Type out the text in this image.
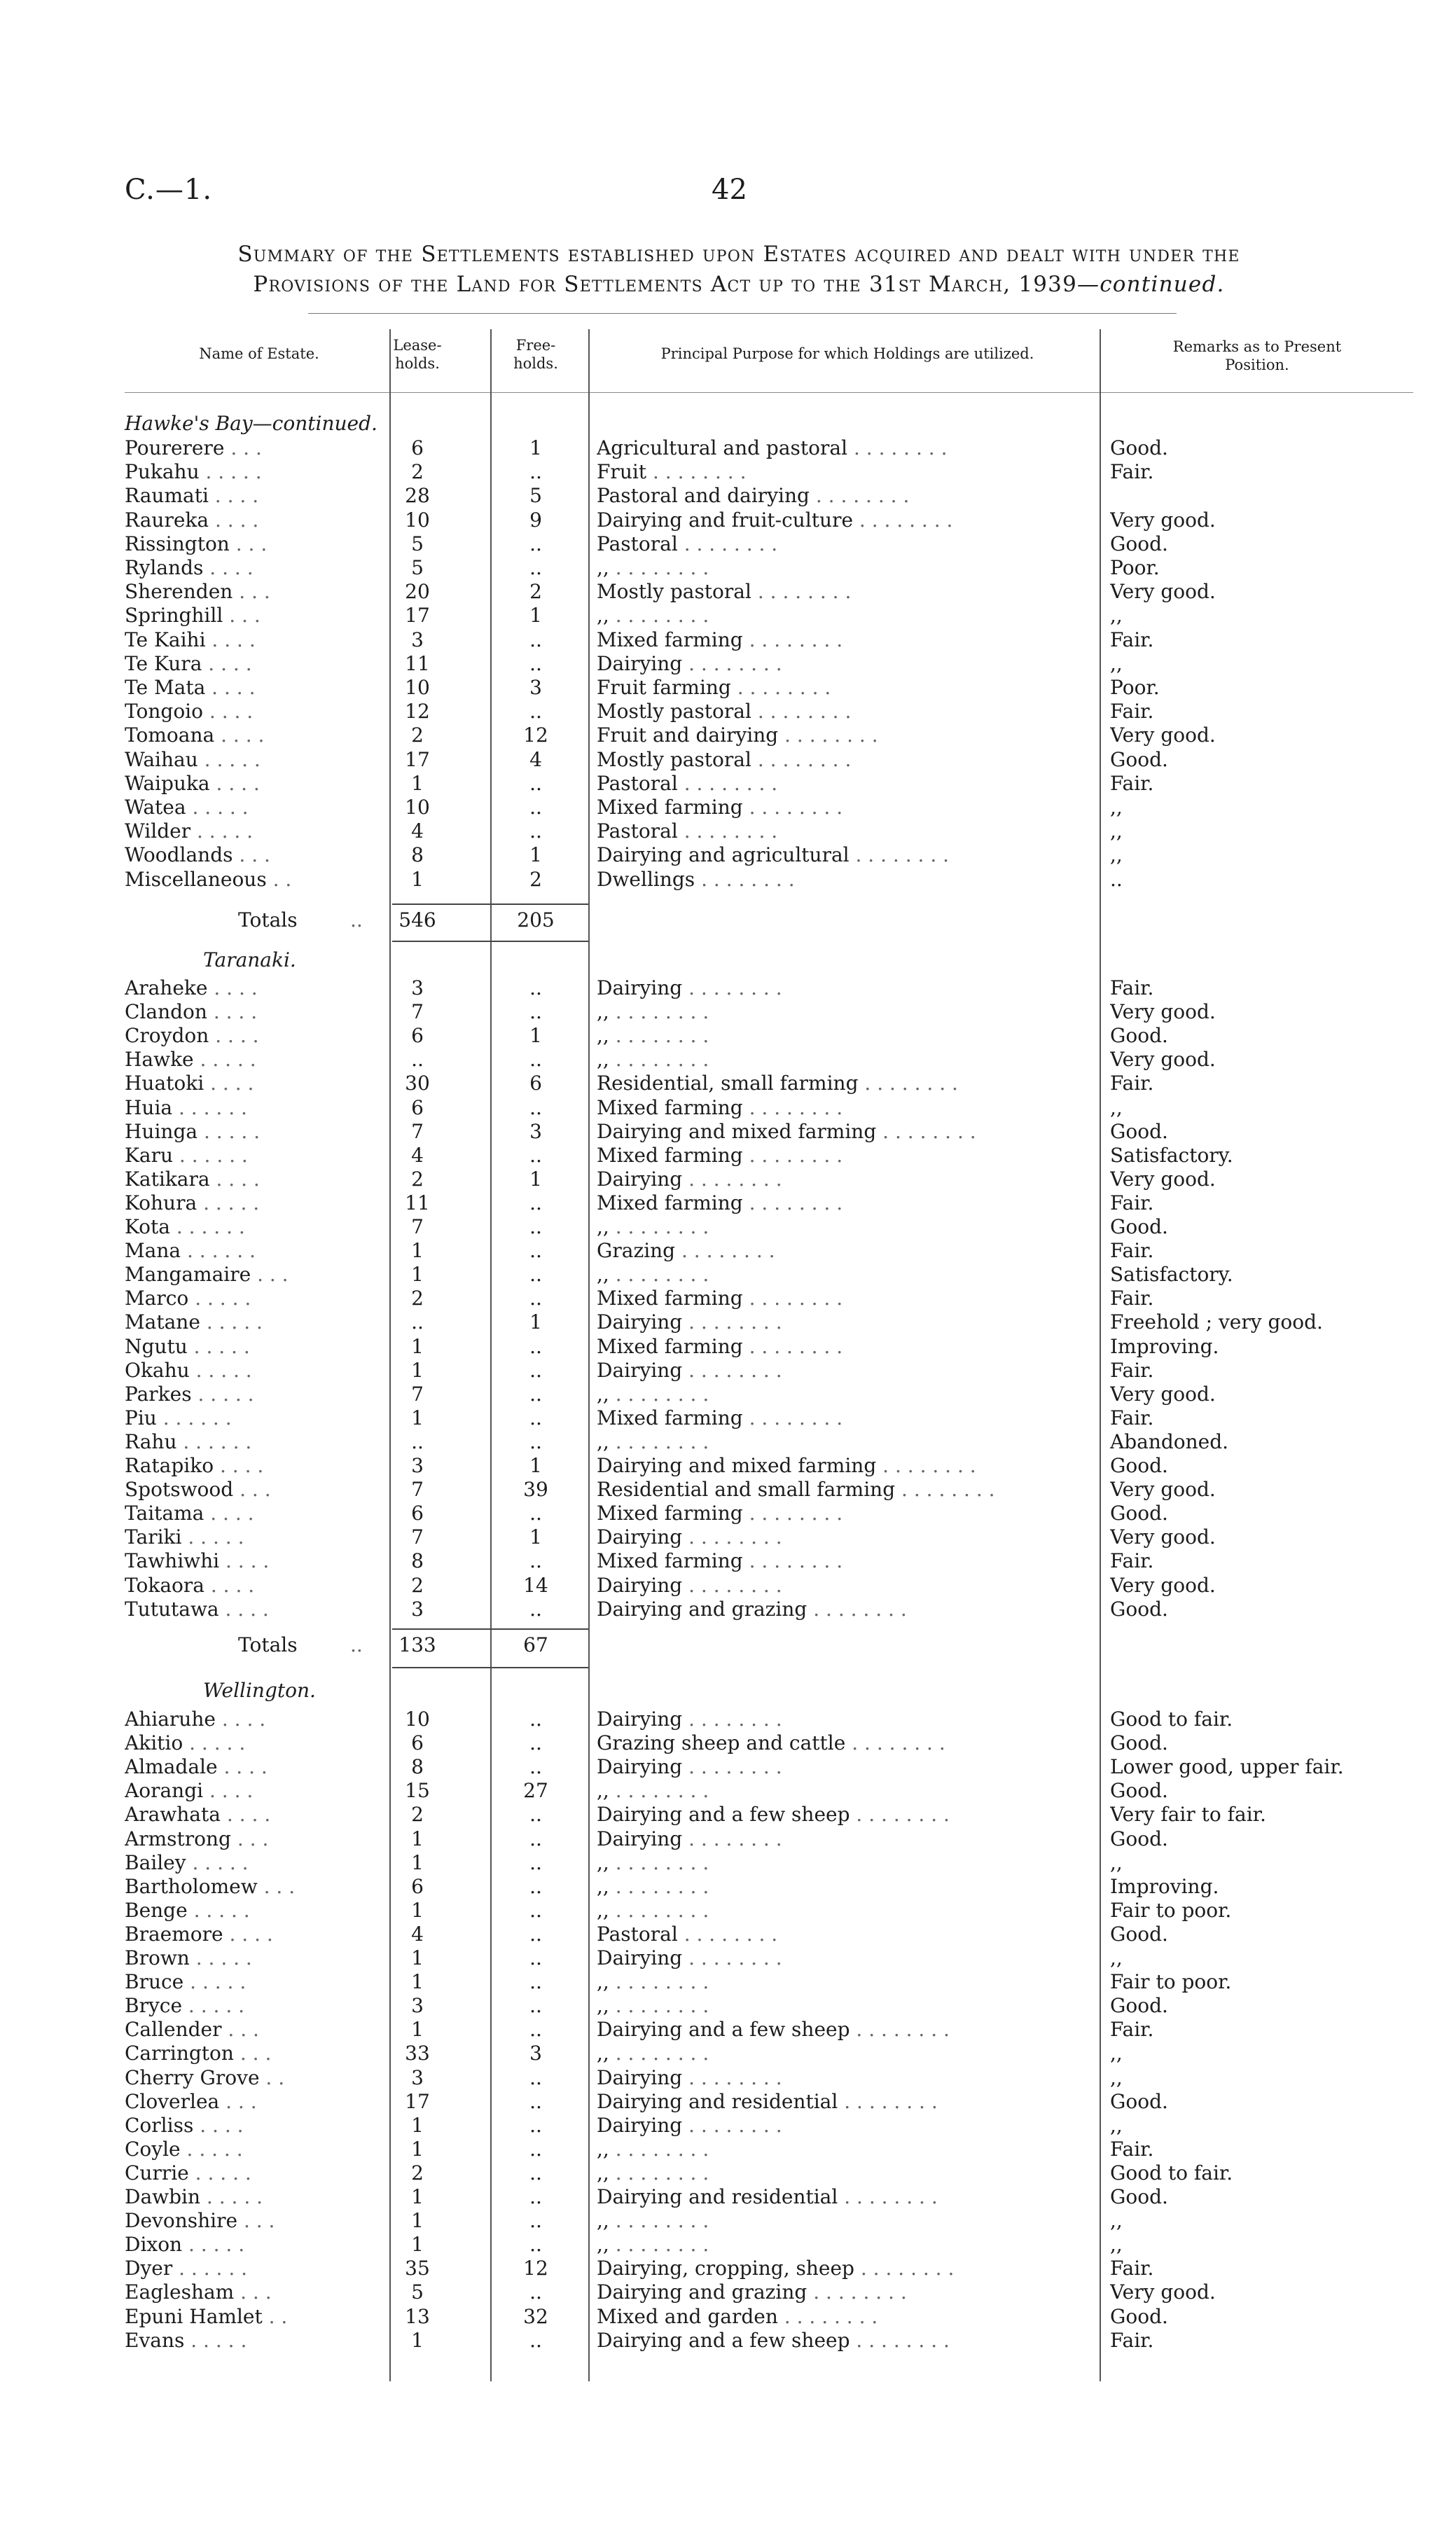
C.—1.	42
Summary of the Settlements established upon Estates acquired and dealt with under the
Provisions of the Land for Settlements Act up to the 31st March, 1939—continued.
Name of Estate.	Lease-
holds.
Free-
holds.
Principal Purpose for which Holdings are utilized.	Remarks as to Present
Position.
Hawke's Bay—continued.
Pourerere . . .	6	1	Agricultural and pastoral . . . . . . . .	Good.
Pukahu . . . . .	2	..	Fruit . . . . . . . .	Fair.
Raumati . . . .	28	5	Pastoral and dairying . . . . . . . .
Raureka . . . .	10	9	Dairying and fruit-culture . . . . . . . .	Very good.
Rissington . . .	5	..	Pastoral . . . . . . . .	Good.
Rylands . . . .	5	..	,, . . . . . . . .	Poor.
Sherenden . . .	20	2	Mostly pastoral . . . . . . . .	Very good.
Springhill . . .	17	1	,, . . . . . . . .	,,
Te Kaihi . . . .	3	..	Mixed farming . . . . . . . .	Fair.
Te Kura . . . .	11	..	Dairying . . . . . . . .	,,
Te Mata . . . .	10	3	Fruit farming . . . . . . . .	Poor.
Tongoio . . . .	12	..	Mostly pastoral . . . . . . . .	Fair.
Tomoana . . . .	2	12	Fruit and dairying . . . . . . . .	Very good.
Waihau . . . . .	17	4	Mostly pastoral . . . . . . . .	Good.
Waipuka . . . .	1	..	Pastoral . . . . . . . .	Fair.
Watea . . . . .	10	..	Mixed farming . . . . . . . .	,,
Wilder . . . . .	4	..	Pastoral . . . . . . . .	,,
Woodlands . . .	8	1	Dairying and agricultural . . . . . . . .	,,
Miscellaneous . .	1	2	Dwellings . . . . . . . .	..
Totals	..	546	205
Taranaki.
Araheke . . . .	3	..	Dairying . . . . . . . .	Fair.
Clandon . . . .	7	..	,, . . . . . . . .	Very good.
Croydon . . . .	6	1	,, . . . . . . . .	Good.
Hawke . . . . .	..	..	,, . . . . . . . .	Very good.
Huatoki . . . .	30	6	Residential, small farming . . . . . . . .	Fair.
Huia . . . . . .	6	..	Mixed farming . . . . . . . .	,,
Huinga . . . . .	7	3	Dairying and mixed farming . . . . . . . .	Good.
Karu . . . . . .	4	..	Mixed farming . . . . . . . .	Satisfactory.
Katikara . . . .	2	1	Dairying . . . . . . . .	Very good.
Kohura . . . . .	11	..	Mixed farming . . . . . . . .	Fair.
Kota . . . . . .	7	..	,, . . . . . . . .	Good.
Mana . . . . . .	1	..	Grazing . . . . . . . .	Fair.
Mangamaire . . .	1	..	,, . . . . . . . .	Satisfactory.
Marco . . . . .	2	..	Mixed farming . . . . . . . .	Fair.
Matane . . . . .	..	1	Dairying . . . . . . . .	Freehold ; very good.
Ngutu . . . . .	1	..	Mixed farming . . . . . . . .	Improving.
Okahu . . . . .	1	..	Dairying . . . . . . . .	Fair.
Parkes . . . . .	7	..	,, . . . . . . . .	Very good.
Piu . . . . . .	1	..	Mixed farming . . . . . . . .	Fair.
Rahu . . . . . .	..	..	,, . . . . . . . .	Abandoned.
Ratapiko . . . .	3	1	Dairying and mixed farming . . . . . . . .	Good.
Spotswood . . .	7	39	Residential and small farming . . . . . . . .	Very good.
Taitama . . . .	6	..	Mixed farming . . . . . . . .	Good.
Tariki . . . . .	7	1	Dairying . . . . . . . .	Very good.
Tawhiwhi . . . .	8	..	Mixed farming . . . . . . . .	Fair.
Tokaora . . . .	2	14	Dairying . . . . . . . .	Very good.
Tututawa . . . .	3	..	Dairying and grazing . . . . . . . .	Good.
Totals	..	133	67
Wellington.
Ahiaruhe . . . .	10	..	Dairying . . . . . . . .	Good to fair.
Akitio . . . . .	6	..	Grazing sheep and cattle . . . . . . . .	Good.
Almadale . . . .	8	..	Dairying . . . . . . . .	Lower good, upper fair.
Aorangi . . . .	15	27	,, . . . . . . . .	Good.
Arawhata . . . .	2	..	Dairying and a few sheep . . . . . . . .	Very fair to fair.
Armstrong . . .	1	..	Dairying . . . . . . . .	Good.
Bailey . . . . .	1	..	,, . . . . . . . .	,,
Bartholomew . . .	6	..	,, . . . . . . . .	Improving.
Benge . . . . .	1	..	,, . . . . . . . .	Fair to poor.
Braemore . . . .	4	..	Pastoral . . . . . . . .	Good.
Brown . . . . .	1	..	Dairying . . . . . . . .	,,
Bruce . . . . .	1	..	,, . . . . . . . .	Fair to poor.
Bryce . . . . .	3	..	,, . . . . . . . .	Good.
Callender . . .	1	..	Dairying and a few sheep . . . . . . . .	Fair.
Carrington . . .	33	3	,, . . . . . . . .	,,
Cherry Grove . .	3	..	Dairying . . . . . . . .	,,
Cloverlea . . .	17	..	Dairying and residential . . . . . . . .	Good.
Corliss . . . .	1	..	Dairying . . . . . . . .	,,
Coyle . . . . .	1	..	,, . . . . . . . .	Fair.
Currie . . . . .	2	..	,, . . . . . . . .	Good to fair.
Dawbin . . . . .	1	..	Dairying and residential . . . . . . . .	Good.
Devonshire . . .	1	..	,, . . . . . . . .	,,
Dixon . . . . .	1	..	,, . . . . . . . .	,,
Dyer . . . . . .	35	12	Dairying, cropping, sheep . . . . . . . .	Fair.
Eaglesham . . .	5	..	Dairying and grazing . . . . . . . .	Very good.
Epuni Hamlet . .	13	32	Mixed and garden . . . . . . . .	Good.
Evans . . . . .	1	..	Dairying and a few sheep . . . . . . . .	Fair.
